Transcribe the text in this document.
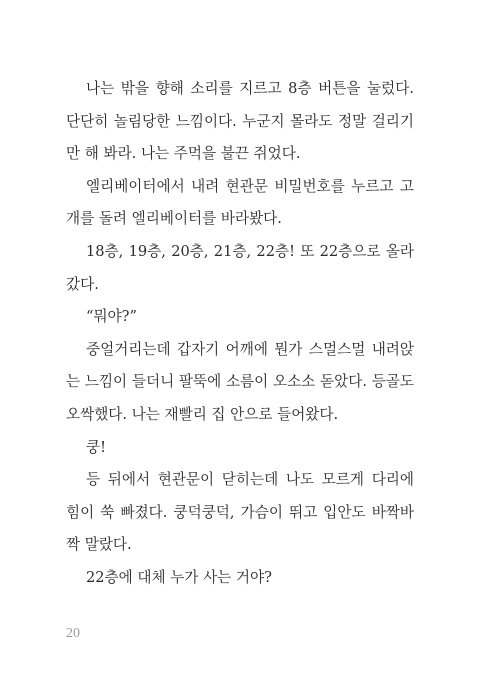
나는 밖을 향해 소리를 지르고 8층 버튼을 눌렀다. 단단히 놀림당한 느낌이다. 누군지 몰라도 정말 걸리기만 해 봐라. 나는 주먹을 불끈 쥐었다.

엘리베이터에서 내려 현관문 비밀번호를 누르고 고개를 돌려 엘리베이터를 바라봤다.

18층, 19층, 20층, 21층, 22층! 또 22층으로 올라갔다.

“뭐야?”

중얼거리는데 갑자기 어깨에 뭔가 스멀스멀 내려앉는 느낌이 들더니 팔뚝에 소름이 오소소 돋았다. 등골도 오싹했다. 나는 재빨리 집 안으로 들어왔다.

쿵!

등 뒤에서 현관문이 닫히는데 나도 모르게 다리에 힘이 쑥 빠졌다. 쿵덕쿵덕, 가슴이 뛰고 입안도 바짝바짝 말랐다.

22층에 대체 누가 사는 거야?

20
